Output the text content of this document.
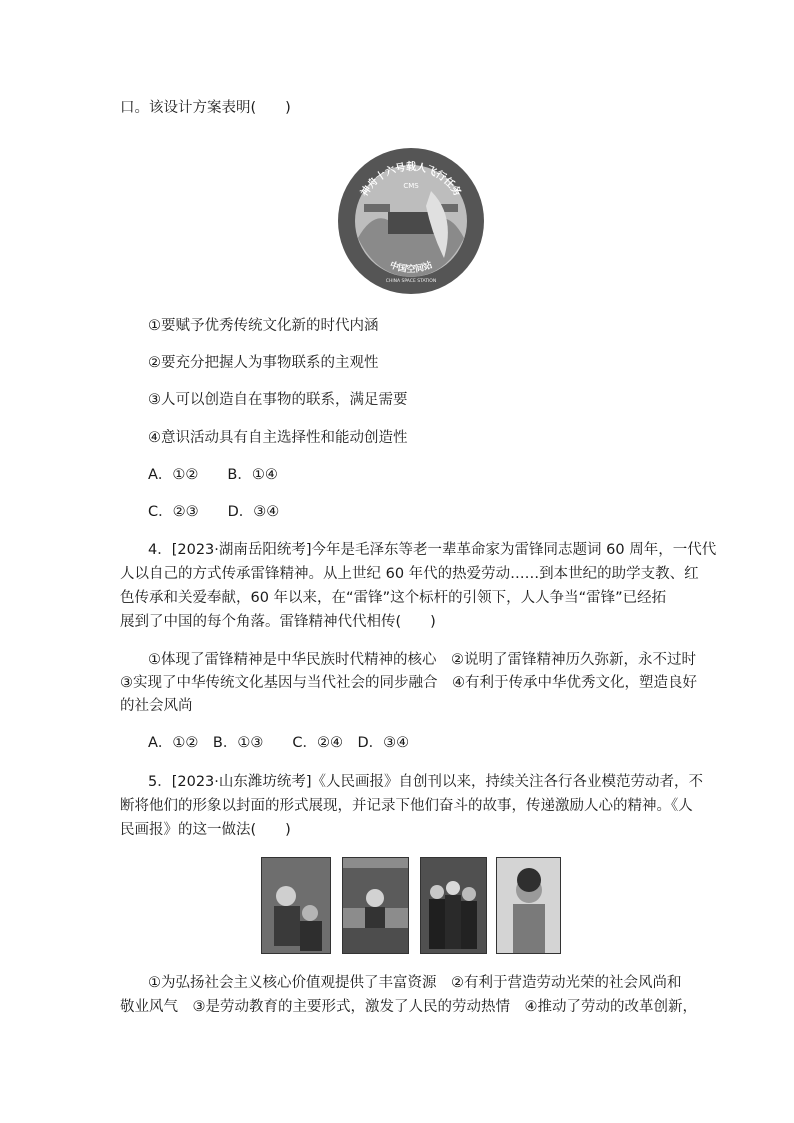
口。该设计方案表明(　　)
CMS
神舟十六号载人飞行任务
中国空间站
CHINA SPACE STATION
①要赋予优秀传统文化新的时代内涵
②要充分把握人为事物联系的主观性
③人可以创造自在事物的联系，满足需要
④意识活动具有自主选择性和能动创造性
A．①②　　B．①④
C．②③　　D．③④
4．[2023·湖南岳阳统考]今年是毛泽东等老一辈革命家为雷锋同志题词 60 周年，一代代
人以自己的方式传承雷锋精神。从上世纪 60 年代的热爱劳动……到本世纪的助学支教、红
色传承和关爱奉献，60 年以来，在“雷锋”这个标杆的引领下，人人争当“雷锋”已经拓
展到了中国的每个角落。雷锋精神代代相传(　　)
①体现了雷锋精神是中华民族时代精神的核心　②说明了雷锋精神历久弥新，永不过时
③实现了中华传统文化基因与当代社会的同步融合　④有利于传承中华优秀文化，塑造良好
的社会风尚
A．①②　B．①③　　C．②④　D．③④
5．[2023·山东潍坊统考]《人民画报》自创刊以来，持续关注各行各业模范劳动者，不
断将他们的形象以封面的形式展现，并记录下他们奋斗的故事，传递激励人心的精神。《人
民画报》的这一做法(　　)
①为弘扬社会主义核心价值观提供了丰富资源　②有利于营造劳动光荣的社会风尚和
敬业风气　③是劳动教育的主要形式，激发了人民的劳动热情　④推动了劳动的改革创新，
